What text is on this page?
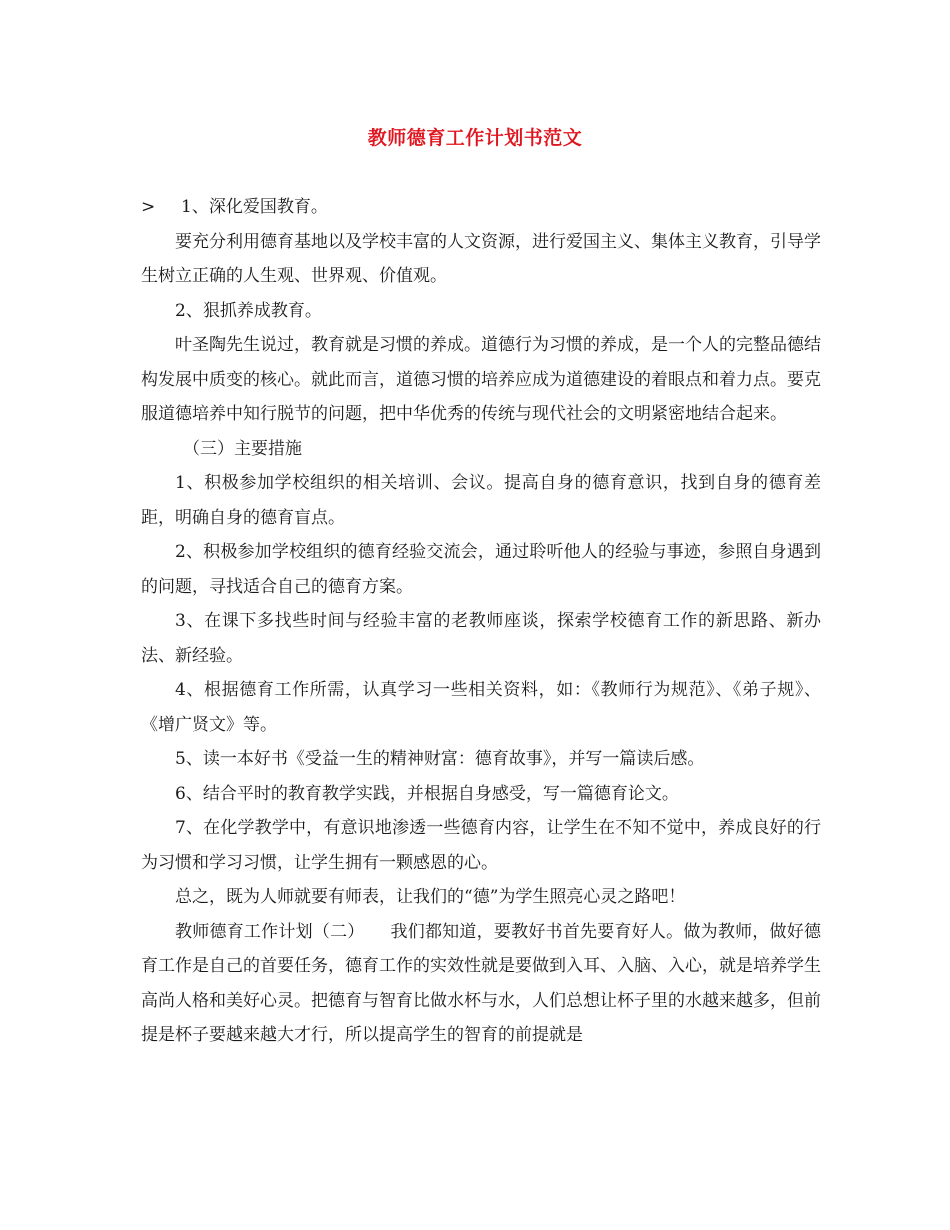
教师德育工作计划书范文

> 1、深化爱国教育。

要充分利用德育基地以及学校丰富的人文资源，进行爱国主义、集体主义教育，引导学生树立正确的人生观、世界观、价值观。

2、狠抓养成教育。

叶圣陶先生说过，教育就是习惯的养成。道德行为习惯的养成，是一个人的完整品德结构发展中质变的核心。就此而言，道德习惯的培养应成为道德建设的着眼点和着力点。要克服道德培养中知行脱节的问题，把中华优秀的传统与现代社会的文明紧密地结合起来。

（三）主要措施

1、积极参加学校组织的相关培训、会议。提高自身的德育意识，找到自身的德育差距，明确自身的德育盲点。

2、积极参加学校组织的德育经验交流会，通过聆听他人的经验与事迹，参照自身遇到的问题，寻找适合自己的德育方案。

3、在课下多找些时间与经验丰富的老教师座谈，探索学校德育工作的新思路、新办法、新经验。

4、根据德育工作所需，认真学习一些相关资料，如：《教师行为规范》、《弟子规》、《增广贤文》等。

5、读一本好书《受益一生的精神财富：德育故事》，并写一篇读后感。

6、结合平时的教育教学实践，并根据自身感受，写一篇德育论文。

7、在化学教学中，有意识地渗透一些德育内容，让学生在不知不觉中，养成良好的行为习惯和学习习惯，让学生拥有一颗感恩的心。

总之，既为人师就要有师表，让我们的“德”为学生照亮心灵之路吧！

教师德育工作计划（二）　　我们都知道，要教好书首先要育好人。做为教师，做好德育工作是自己的首要任务，德育工作的实效性就是要做到入耳、入脑、入心，就是培养学生高尚人格和美好心灵。把德育与智育比做水杯与水，人们总想让杯子里的水越来越多，但前提是杯子要越来越大才行，所以提高学生的智育的前提就是
